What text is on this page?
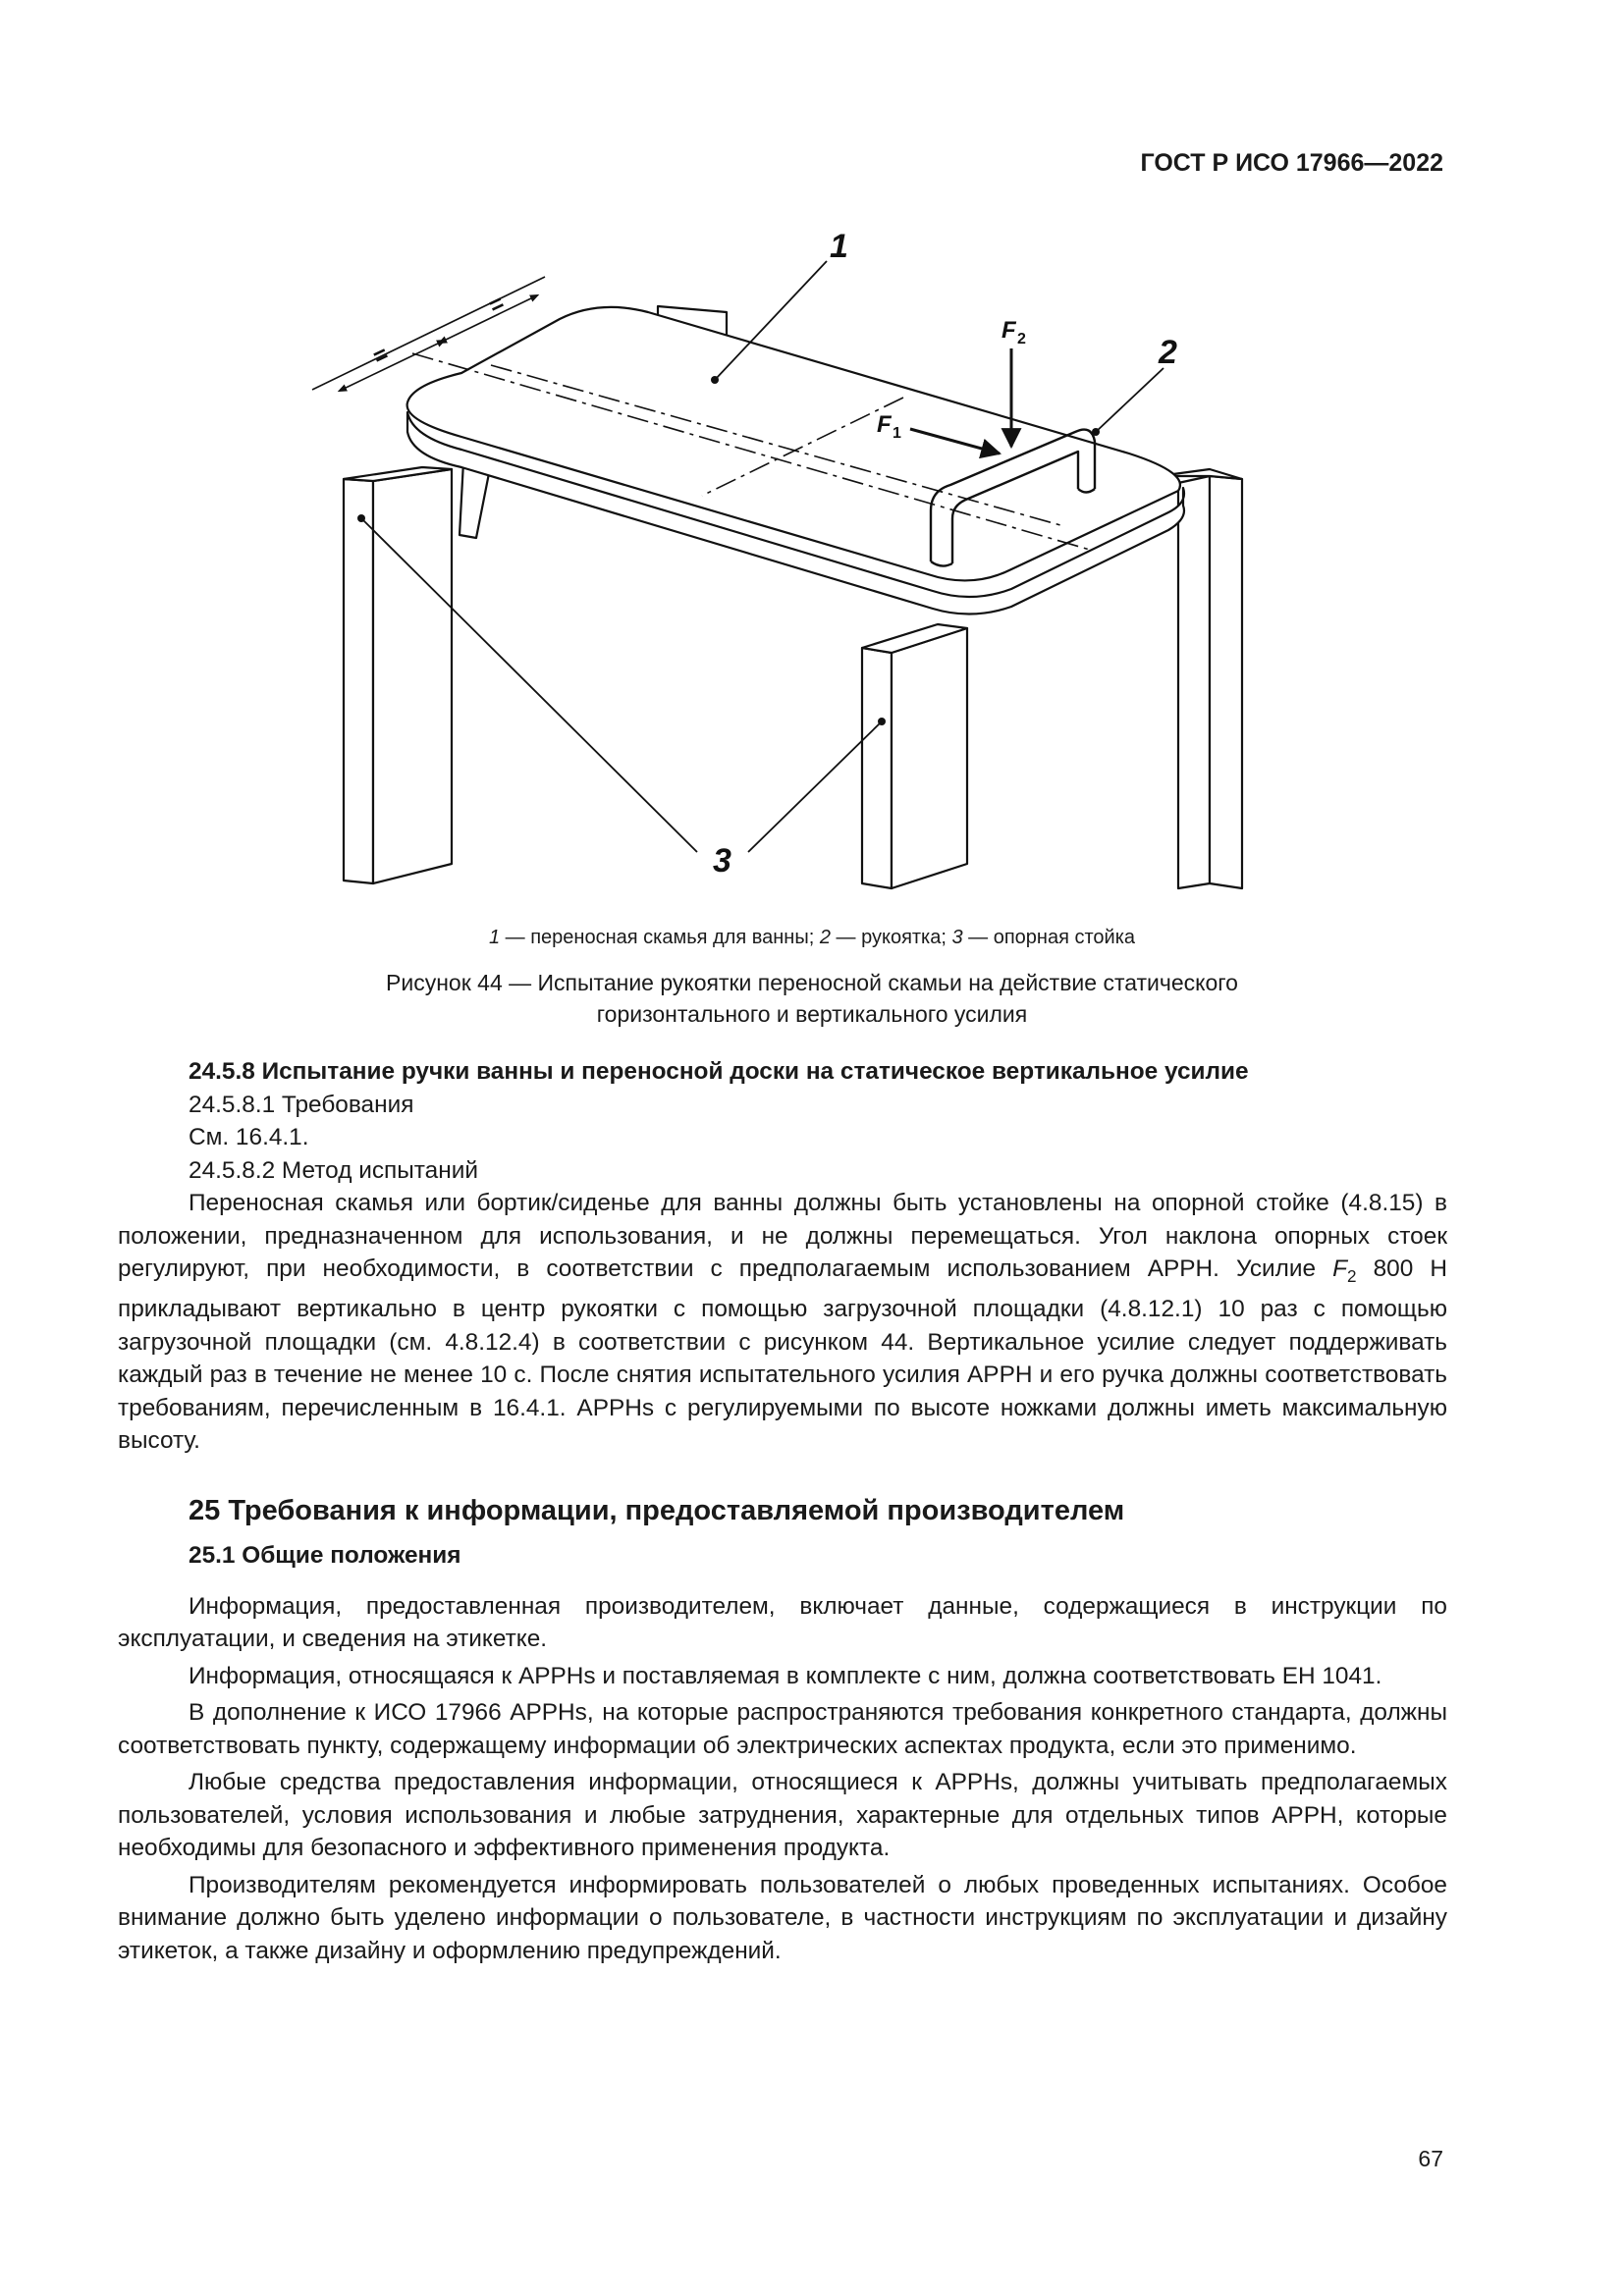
ГОСТ Р ИСО 17966—2022
1
2
3
F 2
F 1
=
=
1 — переносная скамья для ванны; 2 — рукоятка; 3 — опорная стойка
Рисунок 44 — Испытание рукоятки переносной скамьи на действие статического
горизонтального и вертикального усилия

24.5.8 Испытание ручки ванны и переносной доски на статическое вертикальное усилие

24.5.8.1 Требования

См. 16.4.1.

24.5.8.2 Метод испытаний

Переносная скамья или бортик/сиденье для ванны должны быть установлены на опорной стойке (4.8.15) в положении, предназначенном для использования, и не должны перемещаться. Угол наклона опорных стоек регулируют, при необходимости, в соответствии с предполагаемым использованием APPH. Усилие $F_2$ 800 Н прикладывают вертикально в центр рукоятки с помощью загрузочной площадки (4.8.12.1) 10 раз с помощью загрузочной площадки (см. 4.8.12.4) в соответствии с рисунком 44. Вертикальное усилие следует поддерживать каждый раз в течение не менее 10 с. После снятия испытательного усилия APPH и его ручка должны соответствовать требованиям, перечисленным в 16.4.1. APPHs с регулируемыми по высоте ножками должны иметь максимальную высоту.

25 Требования к информации, предоставляемой производителем

25.1 Общие положения

Информация, предоставленная производителем, включает данные, содержащиеся в инструкции по эксплуатации, и сведения на этикетке.

Информация, относящаяся к APPHs и поставляемая в комплекте с ним, должна соответствовать ЕН 1041.

В дополнение к ИСО 17966 APPHs, на которые распространяются требования конкретного стандарта, должны соответствовать пункту, содержащему информации об электрических аспектах продукта, если это применимо.

Любые средства предоставления информации, относящиеся к APPHs, должны учитывать предполагаемых пользователей, условия использования и любые затруднения, характерные для отдельных типов APPH, которые необходимы для безопасного и эффективного применения продукта.

Производителям рекомендуется информировать пользователей о любых проведенных испытаниях. Особое внимание должно быть уделено информации о пользователе, в частности инструкциям по эксплуатации и дизайну этикеток, а также дизайну и оформлению предупреждений.

67
